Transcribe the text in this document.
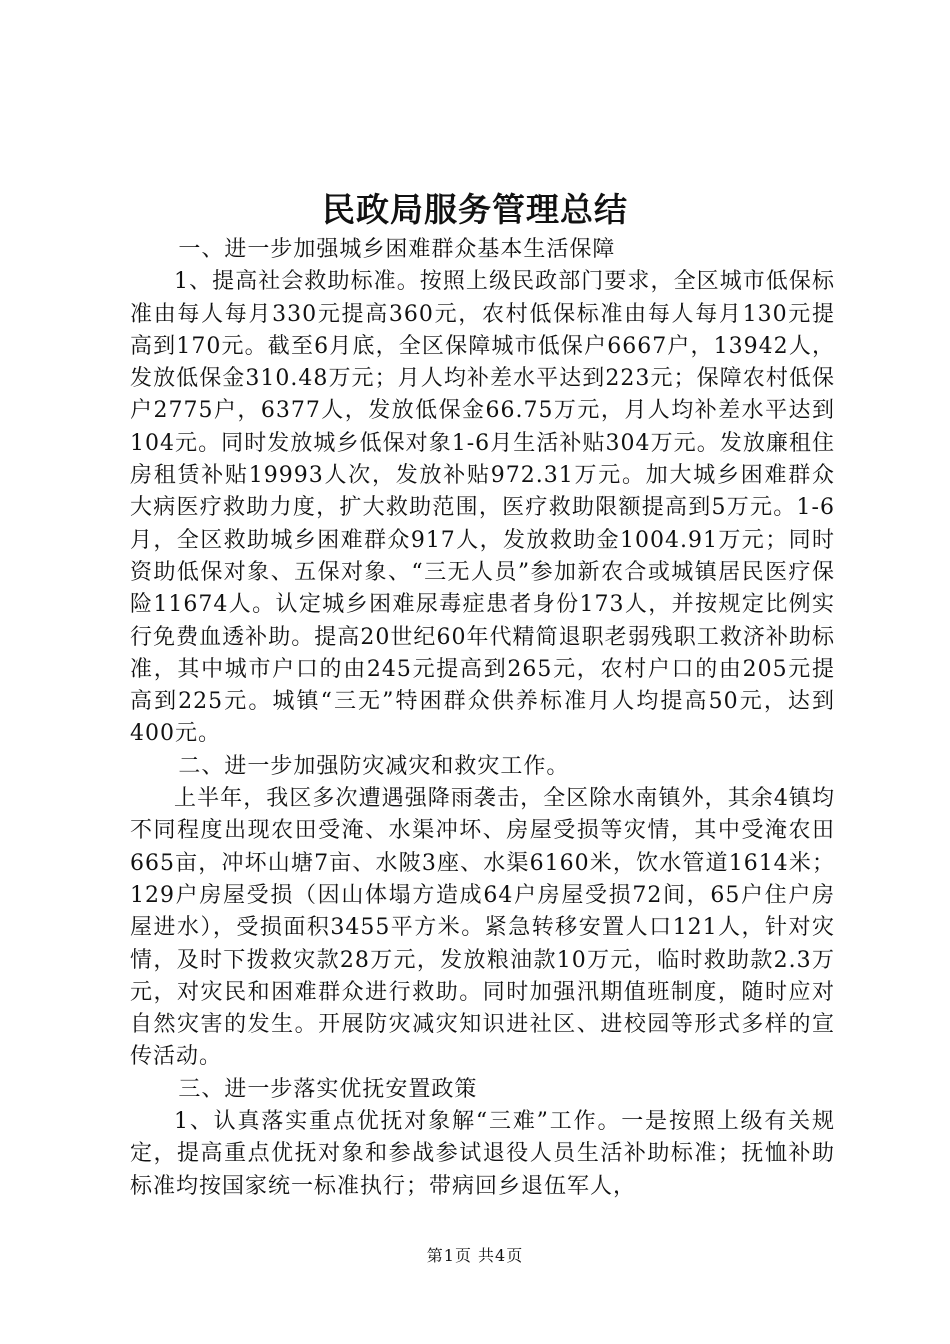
民政局服务管理总结

一、进一步加强城乡困难群众基本生活保障

1、提高社会救助标准。按照上级民政部门要求，全区城市低保标准由每人每月330元提高360元，农村低保标准由每人每月130元提高到170元。截至6月底，全区保障城市低保户6667户，13942人，发放低保金310.48万元；月人均补差水平达到223元；保障农村低保户2775户，6377人，发放低保金66.75万元，月人均补差水平达到104元。同时发放城乡低保对象1-6月生活补贴304万元。发放廉租住房租赁补贴19993人次，发放补贴972.31万元。加大城乡困难群众大病医疗救助力度，扩大救助范围，医疗救助限额提高到5万元。1-6月，全区救助城乡困难群众917人，发放救助金1004.91万元；同时资助低保对象、五保对象、“三无人员”参加新农合或城镇居民医疗保险11674人。认定城乡困难尿毒症患者身份173人，并按规定比例实行免费血透补助。提高20世纪60年代精简退职老弱残职工救济补助标准，其中城市户口的由245元提高到265元，农村户口的由205元提高到225元。城镇“三无”特困群众供养标准月人均提高50元，达到400元。

二、进一步加强防灾减灾和救灾工作。

上半年，我区多次遭遇强降雨袭击，全区除水南镇外，其余4镇均不同程度出现农田受淹、水渠冲坏、房屋受损等灾情，其中受淹农田665亩，冲坏山塘7亩、水陂3座、水渠6160米，饮水管道1614米；129户房屋受损（因山体塌方造成64户房屋受损72间，65户住户房屋进水），受损面积3455平方米。紧急转移安置人口121人，针对灾情，及时下拨救灾款28万元，发放粮油款10万元，临时救助款2.3万元，对灾民和困难群众进行救助。同时加强汛期值班制度，随时应对自然灾害的发生。开展防灾减灾知识进社区、进校园等形式多样的宣传活动。

三、进一步落实优抚安置政策

1、认真落实重点优抚对象解“三难”工作。一是按照上级有关规定，提高重点优抚对象和参战参试退役人员生活补助标准；抚恤补助标准均按国家统一标准执行；带病回乡退伍军人，

第1页 共4页
